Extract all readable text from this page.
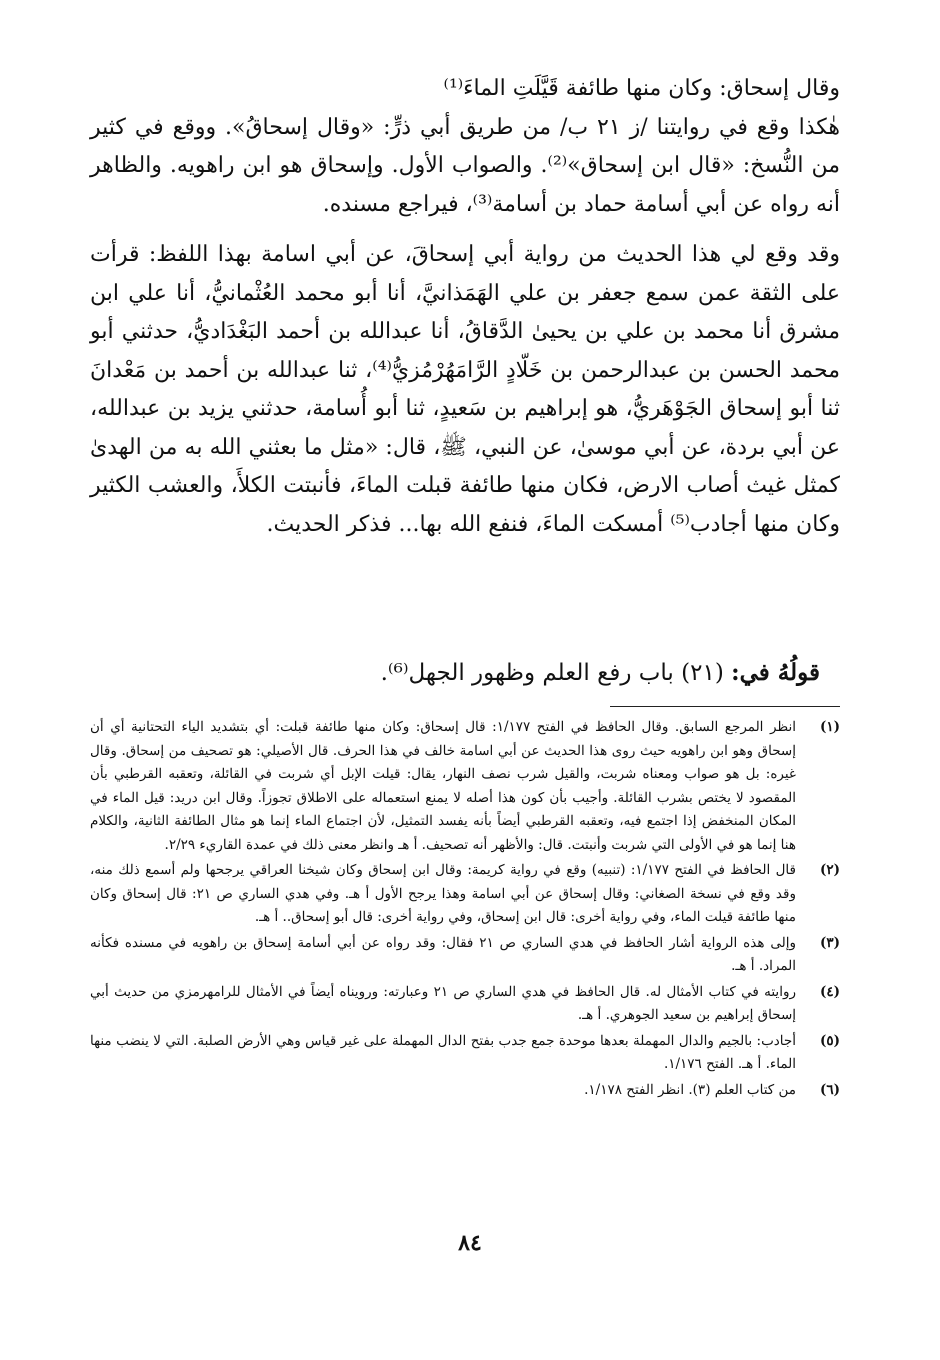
وقال إسحاق: وكان منها طائفة قَيَّلَتِ الماءَ⁽¹⁾

هٰكذا وقع في روايتنا /ز ٢١ ب/ من طريق أبي ذرٍّ: «وقال إسحاقُ». ووقع في كثير من النُّسخ: «قال ابن إسحاق»⁽²⁾. والصواب الأول. وإسحاق هو ابن راهويه. والظاهر أنه رواه عن أبي أسامة حماد بن أسامة⁽³⁾، فيراجع مسنده.

وقد وقع لي هذا الحديث من رواية أبي إسحاقَ، عن أبي اسامة بهذا اللفظ: قرأت على الثقة عمن سمع جعفر بن علي الهَمَذانيَّ، أنا أبو محمد العُثْمانيُّ، أنا علي ابن مشرق أنا محمد بن علي بن يحيىٰ الدَّقاقُ، أنا عبدالله بن أحمد البَغْدَاديُّ، حدثني أبو محمد الحسن بن عبدالرحمن بن خَلّادٍ الرَّامَهُرْمُزيُّ⁽⁴⁾، ثنا عبدالله بن أحمد بن مَعْدانَ ثنا أبو إسحاق الجَوْهَريُّ، هو إبراهيم بن سَعيدٍ، ثنا أبو أُسامة، حدثني يزيد بن عبدالله، عن أبي بردة، عن أبي موسىٰ، عن النبي، ﷺ، قال: «مثل ما بعثني الله به من الهدىٰ كمثل غيث أصاب الارض، فكان منها طائفة قبلت الماءَ، فأنبتت الكلأَ، والعشب الكثير وكان منها أجادب⁽⁵⁾ أمسكت الماءَ، فنفع الله بها... فذكر الحديث.

قولُهُ في: (٢١) باب رفع العلم وظهور الجهل⁽⁶⁾.
(١)
انظر المرجع السابق. وقال الحافظ في الفتح ١/١٧٧: قال إسحاق: وكان منها طائفة قبلت: أي بتشديد الياء التحتانية أي أن إسحاق وهو ابن راهويه حيث روى هذا الحديث عن أبي اسامة خالف في هذا الحرف. قال الأصيلي: هو تصحيف من إسحاق. وقال غيره: بل هو صواب ومعناه شربت، والقيل شرب نصف النهار، يقال: قيلت الإبل أي شربت في القائلة، وتعقبه القرطبي بأن المقصود لا يختص بشرب القائلة. وأجيب بأن كون هذا أصله لا يمنع استعماله على الاطلاق تجوزاً. وقال ابن دريد: قيل الماء في المكان المنخفض إذا اجتمع فيه، وتعقبه القرطبي أيضاً بأنه يفسد التمثيل، لأن اجتماع الماء إنما هو مثال الطائفة الثانية، والكلام هنا إنما هو في الأولى التي شربت وأنبتت. قال: والأظهر أنه تصحيف. أ هـ وانظر معنى ذلك في عمدة القاريء ٢/٢٩.
(٢)
قال الحافظ في الفتح ١/١٧٧: (تنبيه) وقع في رواية كريمة: وقال ابن إسحاق وكان شيخنا العراقي يرجحها ولم أسمع ذلك منه، وقد وقع في نسخة الصغاني: وقال إسحاق عن أبي اسامة وهذا يرجح الأول أ هـ. وفي هدي الساري ص ٢١: قال إسحاق وكان منها طائفة قيلت الماء، وفي رواية أخرى: قال ابن إسحاق، وفي رواية أخرى: قال أبو إسحاق.. أ هـ.
(٣)
وإلى هذه الرواية أشار الحافظ في هدي الساري ص ٢١ فقال: وقد رواه عن أبي أسامة إسحاق بن راهويه في مسنده فكأنه المراد. أ هـ.
(٤)
روايته في كتاب الأمثال له. قال الحافظ في هدي الساري ص ٢١ وعبارته: ورويناه أيضاً في الأمثال للرامهرمزي من حديث أبي إسحاق إبراهيم بن سعيد الجوهري. أ هـ.
(٥)
أجادب: بالجيم والدال المهملة بعدها موحدة جمع جدب بفتح الدال المهملة على غير قياس وهي الأرض الصلبة. التي لا ينضب منها الماء. أ هـ. الفتح ١/١٧٦.
(٦)
من كتاب العلم (٣). انظر الفتح ١/١٧٨.
٨٤
